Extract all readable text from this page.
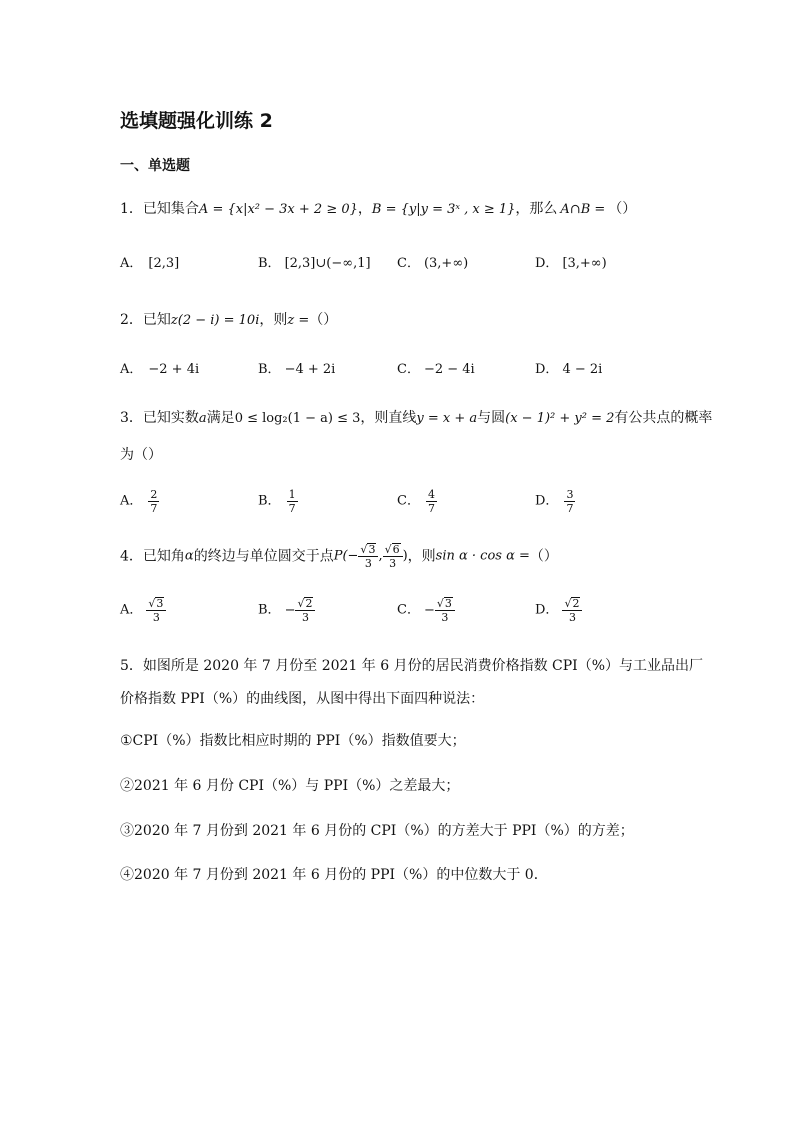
选填题强化训练 2
一、单选题
1．已知集合A = {x|x² − 3x + 2 ≥ 0}，B = {y|y = 3ˣ , x ≥ 1}，那么 A∩B = （）
A． [2,3]	B． [2,3]∪(−∞,1] C． (3,+∞)	D． [3,+∞)
2．已知z(2 − i) = 10i，则z =（）
A． −2 + 4i	B． −4 + 2i	C． −2 − 4i	D． 4 − 2i
3．已知实数a满足0 ≤ log₂(1 − a) ≤ 3，则直线y = x + a与圆(x − 1)² + y² = 2有公共点的概率
为（）
A． $\frac{2}{7}$	B． $\frac{1}{7}$	C． $\frac{4}{7}$	D． $\frac{3}{7}$
4．已知角α的终边与单位圆交于点$P(- \frac{√3}{3}$ , $\frac{√6}{3}$ )，则sin α · cos α =（）
A． $\frac{√3}{3}$	B． − $\frac{√2}{3}$	C． − $\frac{√3}{3}$	D． $\frac{√2}{3}$
5．如图所是 2020 年 7 月份至 2021 年 6 月份的居民消费价格指数 CPI（%）与工业品出厂
价格指数 PPI（%）的曲线图，从图中得出下面四种说法：
①CPI（%）指数比相应时期的 PPI（%）指数值要大；
②2021 年 6 月份 CPI（%）与 PPI（%）之差最大；
③2020 年 7 月份到 2021 年 6 月份的 CPI（%）的方差大于 PPI（%）的方差；
④2020 年 7 月份到 2021 年 6 月份的 PPI（%）的中位数大于 0．
